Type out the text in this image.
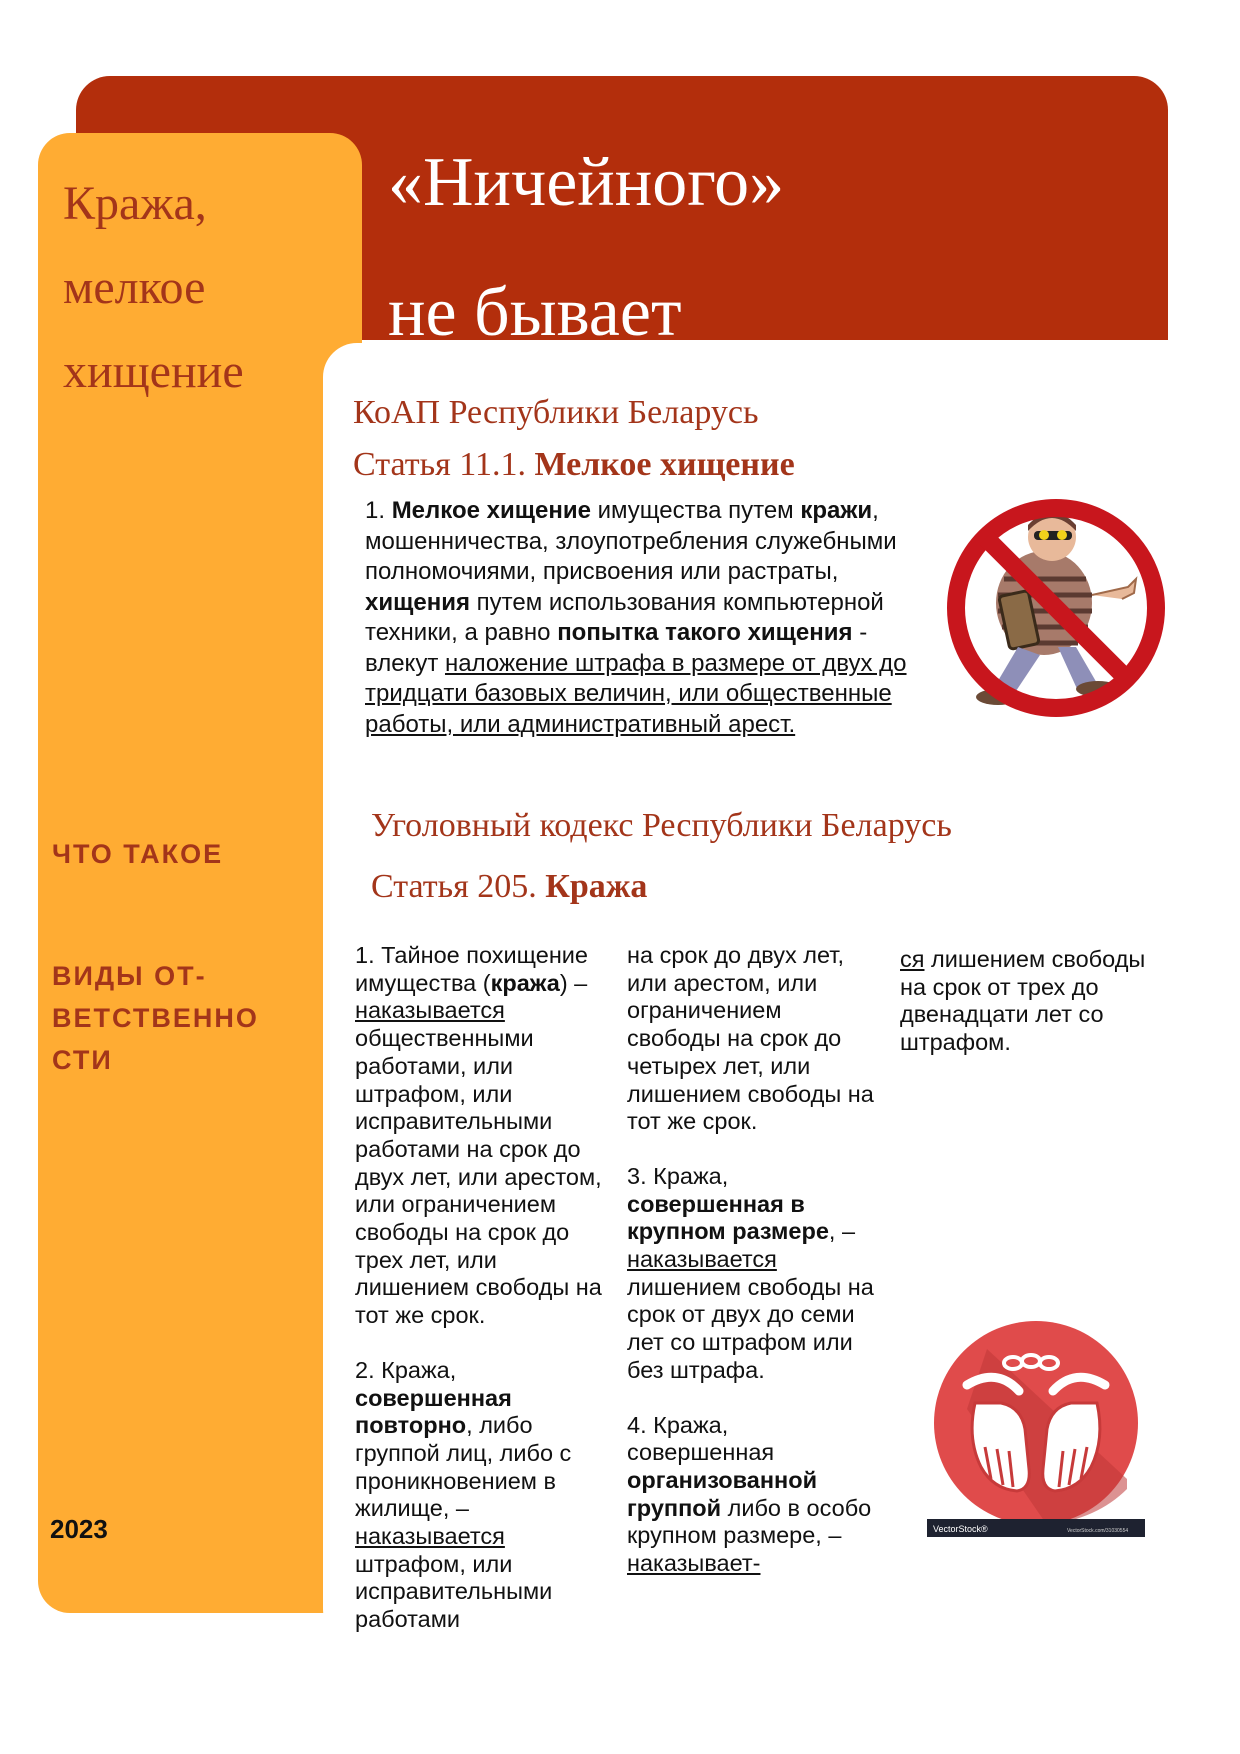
«Ничейного»
не бывает
Кража,
мелкое
хищение
ЧТО ТАКОЕ
ВИДЫ ОТ-
ВЕТСТВЕННО
СТИ
2023
КоАП Республики Беларусь
Статья 11.1. Мелкое хищение
1. Мелкое хищение имущества путем кражи, мошенничества, злоупотребления служебными полномочиями, присвоения или растраты, хищения путем использования компьютерной техники, а равно попытка такого хищения - влекут наложение штрафа в размере от двух до тридцати базовых величин, или общественные работы, или административный арест.
Уголовный кодекс Республики Беларусь
Статья 205. Кража

1. Тайное похищение имущества (кража) – наказывается общественными работами, или штрафом, или исправительными работами на срок до двух лет, или арестом, или ограничением свободы на срок до трех лет, или лишением свободы на тот же срок.

2. Кража, совершенная повторно, либо группой лиц, либо с проникновением в жилище, – наказывается штрафом, или исправительными работами

на срок до двух лет, или арестом, или ограничением свободы на срок до четырех лет, или лишением свободы на тот же срок.

3. Кража, совершенная в крупном размере, – наказывается лишением свободы на срок от двух до семи лет со штрафом или без штрафа.

4. Кража, совершенная организованной группой либо в особо крупном размере, – наказывает-

ся лишением свободы на срок от трех до двенадцати лет со штрафом.

VectorStock®	VectorStock.com/31030554
